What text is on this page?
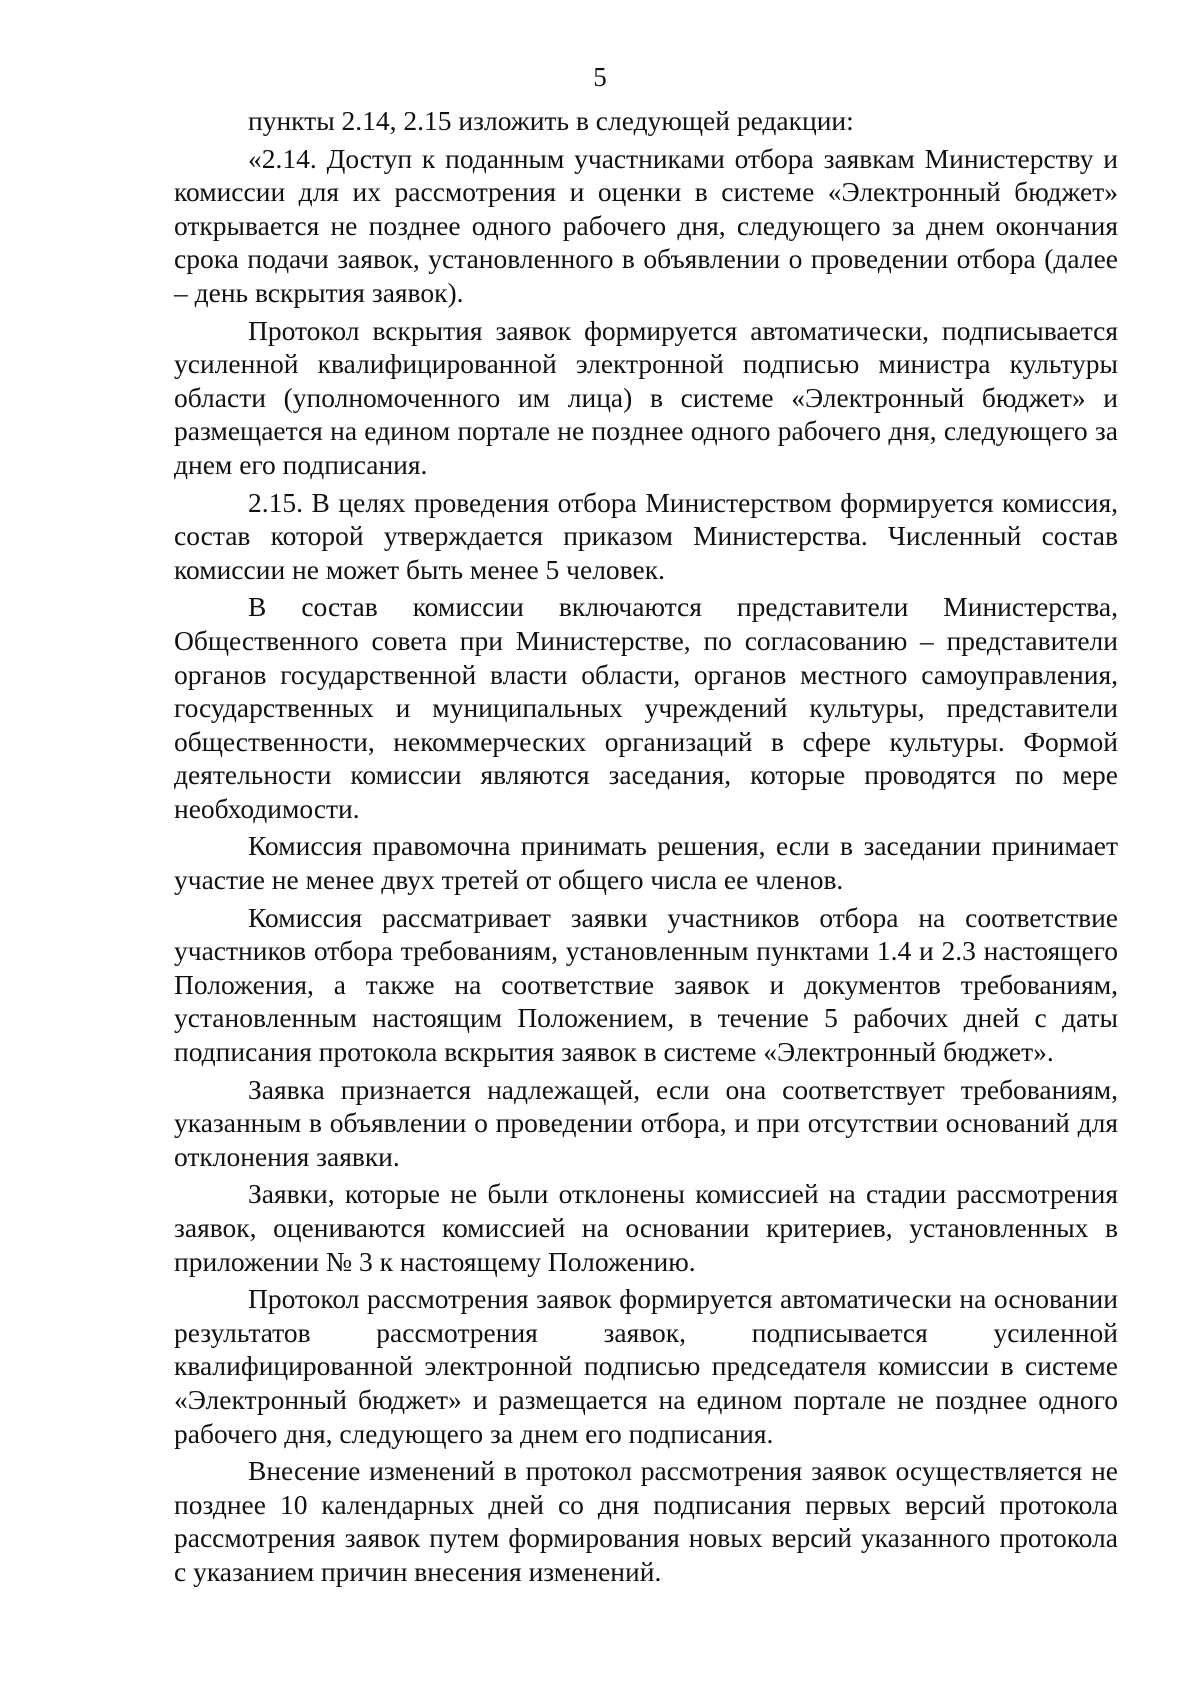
5

пункты 2.14, 2.15 изложить в следующей редакции:

«2.14. Доступ к поданным участниками отбора заявкам Министерству и комиссии для их рассмотрения и оценки в системе «Электронный бюджет» открывается не позднее одного рабочего дня, следующего за днем окончания срока подачи заявок, установленного в объявлении о проведении отбора (далее – день вскрытия заявок).

Протокол вскрытия заявок формируется автоматически, подписывается усиленной квалифицированной электронной подписью министра культуры области (уполномоченного им лица) в системе «Электронный бюджет» и размещается на едином портале не позднее одного рабочего дня, следующего за днем его подписания.

2.15. В целях проведения отбора Министерством формируется комиссия, состав которой утверждается приказом Министерства. Численный состав комиссии не может быть менее 5 человек.

В состав комиссии включаются представители Министерства, Общественного совета при Министерстве, по согласованию – представители органов государственной власти области, органов местного самоуправления, государственных и муниципальных учреждений культуры, представители общественности, некоммерческих организаций в сфере культуры. Формой деятельности комиссии являются заседания, которые проводятся по мере необходимости.

Комиссия правомочна принимать решения, если в заседании принимает участие не менее двух третей от общего числа ее членов.

Комиссия рассматривает заявки участников отбора на соответствие участников отбора требованиям, установленным пунктами 1.4 и 2.3 настоящего Положения, а также на соответствие заявок и документов требованиям, установленным настоящим Положением, в течение 5 рабочих дней с даты подписания протокола вскрытия заявок в системе «Электронный бюджет».

Заявка признается надлежащей, если она соответствует требованиям, указанным в объявлении о проведении отбора, и при отсутствии оснований для отклонения заявки.

Заявки, которые не были отклонены комиссией на стадии рассмотрения заявок, оцениваются комиссией на основании критериев, установленных в приложении № 3 к настоящему Положению.

Протокол рассмотрения заявок формируется автоматически на основании результатов рассмотрения заявок, подписывается усиленной квалифицированной электронной подписью председателя комиссии в системе «Электронный бюджет» и размещается на едином портале не позднее одного рабочего дня, следующего за днем его подписания.

Внесение изменений в протокол рассмотрения заявок осуществляется не позднее 10 календарных дней со дня подписания первых версий протокола рассмотрения заявок путем формирования новых версий указанного протокола с указанием причин внесения изменений.
